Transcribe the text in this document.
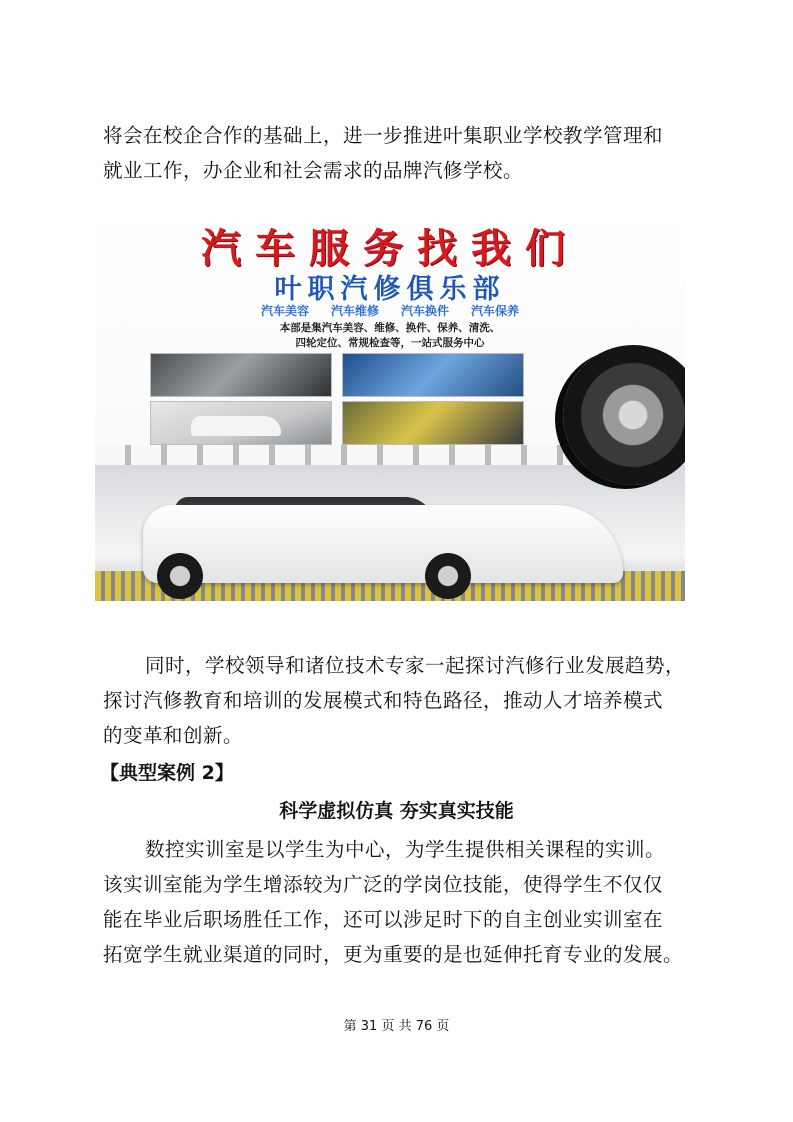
将会在校企合作的基础上，进一步推进叶集职业学校教学管理和
就业工作，办企业和社会需求的品牌汽修学校。

汽车服务找我们
叶职汽修俱乐部
汽车美容 汽车维修 汽车换件 汽车保养
本部是集汽车美容、维修、换件、保养、清洗、
四轮定位、常规检查等，一站式服务中心

同时，学校领导和诸位技术专家一起探讨汽修行业发展趋势，
探讨汽修教育和培训的发展模式和特色路径，推动人才培养模式
的变革和创新。

【典型案例 2】

科学虚拟仿真 夯实真实技能

数控实训室是以学生为中心，为学生提供相关课程的实训。
该实训室能为学生增添较为广泛的学岗位技能，使得学生不仅仅
能在毕业后职场胜任工作，还可以涉足时下的自主创业实训室在
拓宽学生就业渠道的同时，更为重要的是也延伸托育专业的发展。

第 31 页 共 76 页
